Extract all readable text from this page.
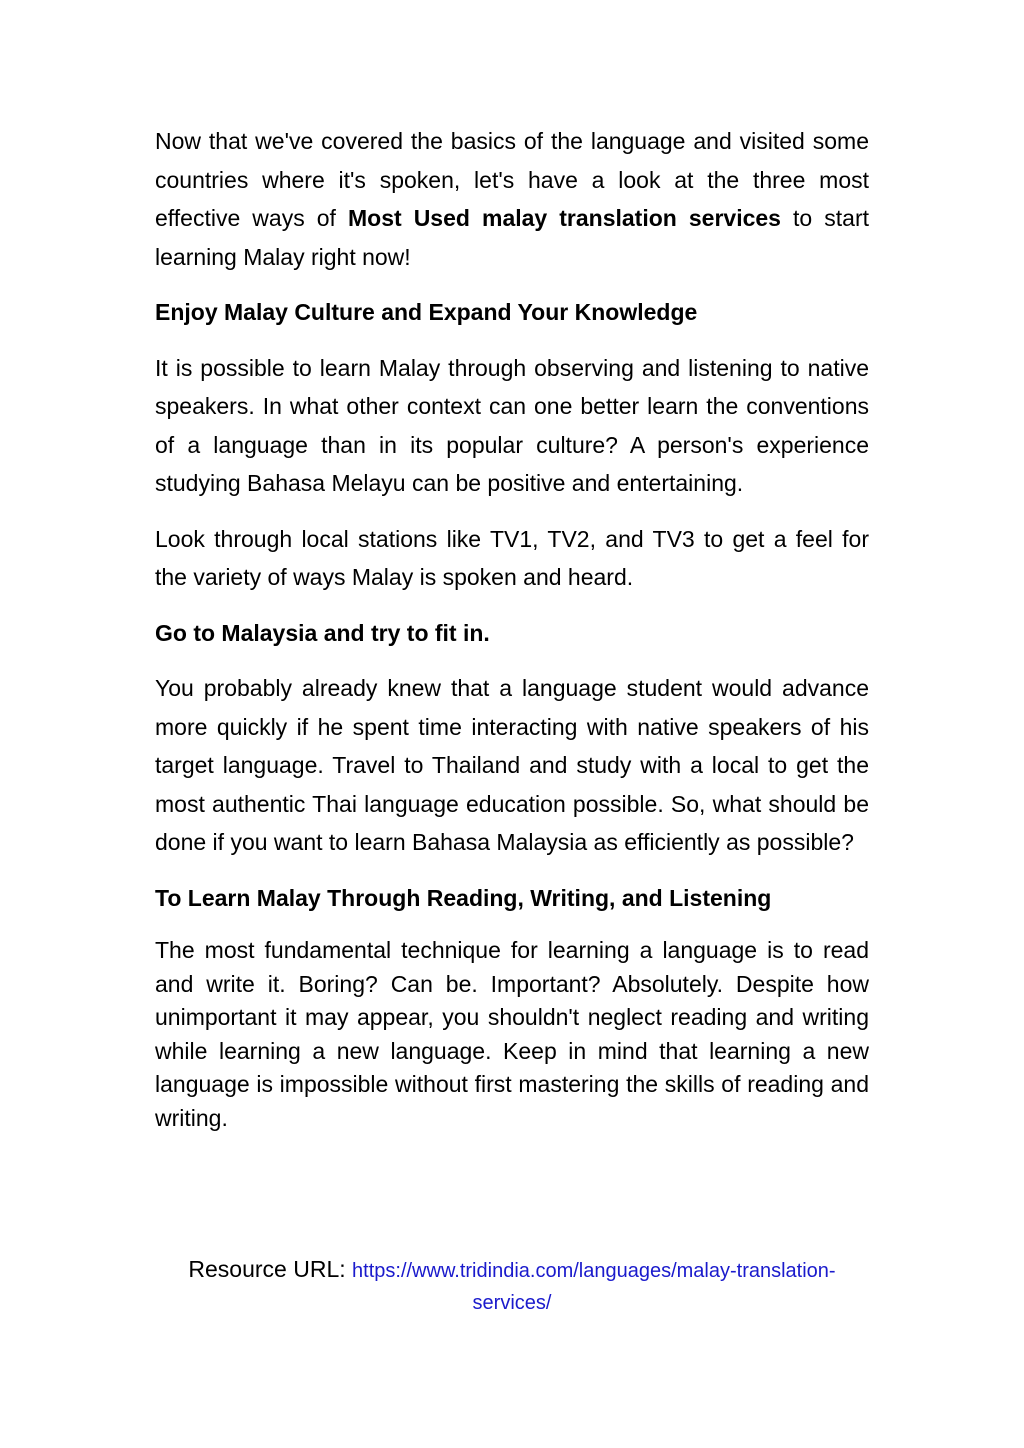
Now that we've covered the basics of the language and visited some countries where it's spoken, let's have a look at the three most effective ways of Most Used malay translation services to start learning Malay right now!

Enjoy Malay Culture and Expand Your Knowledge

It is possible to learn Malay through observing and listening to native speakers. In what other context can one better learn the conventions of a language than in its popular culture? A person's experience studying Bahasa Melayu can be positive and entertaining.

Look through local stations like TV1, TV2, and TV3 to get a feel for the variety of ways Malay is spoken and heard.

Go to Malaysia and try to fit in.

You probably already knew that a language student would advance more quickly if he spent time interacting with native speakers of his target language. Travel to Thailand and study with a local to get the most authentic Thai language education possible. So, what should be done if you want to learn Bahasa Malaysia as efficiently as possible?

To Learn Malay Through Reading, Writing, and Listening

The most fundamental technique for learning a language is to read and write it. Boring? Can be. Important? Absolutely. Despite how unimportant it may appear, you shouldn't neglect reading and writing while learning a new language. Keep in mind that learning a new language is impossible without first mastering the skills of reading and writing.

Resource URL: https://www.tridindia.com/languages/malay-translation-services/
